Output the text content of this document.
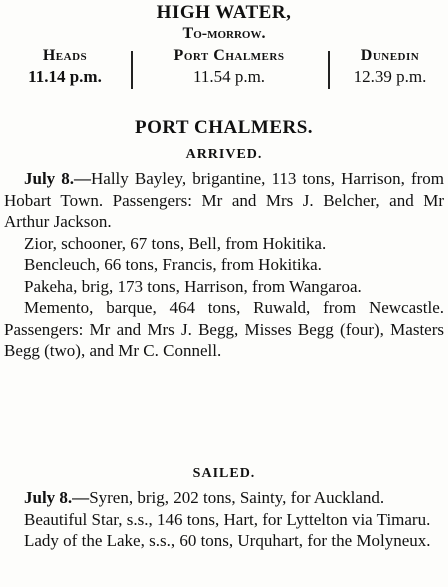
HIGH WATER,
To-morrow.
Heads
11.14 p.m.
Port Chalmers
11.54 p.m.
Dunedin
12.39 p.m.
PORT CHALMERS.
ARRIVED.

July 8.—Hally Bayley, brigantine, 113 tons, Harrison, from Hobart Town. Passengers: Mr and Mrs J. Belcher, and Mr Arthur Jackson.

Zior, schooner, 67 tons, Bell, from Hokitika.

Bencleuch, 66 tons, Francis, from Hokitika.

Pakeha, brig, 173 tons, Harrison, from Wangaroa.

Memento, barque, 464 tons, Ruwald, from Newcastle. Passengers: Mr and Mrs J. Begg, Misses Begg (four), Masters Begg (two), and Mr C. Connell.

SAILED.

July 8.—Syren, brig, 202 tons, Sainty, for Auckland.

Beautiful Star, s.s., 146 tons, Hart, for Lyttelton via Timaru.

Lady of the Lake, s.s., 60 tons, Urquhart, for the Molyneux.
